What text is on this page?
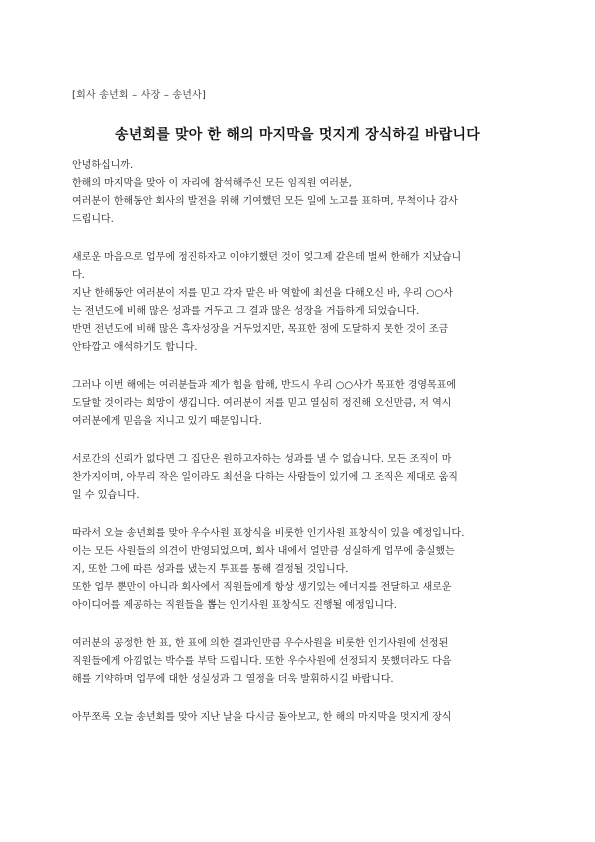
[회사 송년회 – 사장 – 송년사]
송년회를 맞아 한 해의 마지막을 멋지게 장식하길 바랍니다

안녕하십니까.

한해의 마지막을 맞아 이 자리에 참석해주신 모든 임직원 여러분,

여러분이 한해동안 회사의 발전을 위해 기여했던 모든 일에 노고를 표하며, 무척이나 감사

드립니다.

새로운 마음으로 업무에 정진하자고 이야기했던 것이 엊그제 같은데 벌써 한해가 지났습니

다.

지난 한해동안 여러분이 저를 믿고 각자 맡은 바 역할에 최선을 다해오신 바, 우리 ○○사

는 전년도에 비해 많은 성과를 거두고 그 결과 많은 성장을 거듭하게 되었습니다.

반면 전년도에 비해 많은 흑자성장을 거두었지만, 목표한 점에 도달하지 못한 것이 조금

안타깝고 애석하기도 합니다.

그러나 이번 해에는 여러분들과 제가 힘을 합해, 반드시 우리 ○○사가 목표한 경영목표에

도달할 것이라는 희망이 생깁니다. 여러분이 저를 믿고 열심히 정진해 오신만큼, 저 역시

여러분에게 믿음을 지니고 있기 때문입니다.

서로간의 신뢰가 없다면 그 집단은 원하고자하는 성과를 낼 수 없습니다. 모든 조직이 마

찬가지이며, 아무리 작은 일이라도 최선을 다하는 사람들이 있기에 그 조직은 제대로 움직

일 수 있습니다.

따라서 오늘 송년회를 맞아 우수사원 표창식을 비롯한 인기사원 표창식이 있을 예정입니다.

이는 모든 사원들의 의견이 반영되었으며, 회사 내에서 얼만큼 성실하게 업무에 충실했는

지, 또한 그에 따른 성과를 냈는지 투표를 통해 결정될 것입니다.

또한 업무 뿐만이 아니라 회사에서 직원들에게 항상 생기있는 에너지를 전달하고 새로운

아이디어를 제공하는 직원들을 뽑는 인기사원 표창식도 진행될 예정입니다.

여러분의 공정한 한 표, 한 표에 의한 결과인만큼 우수사원을 비롯한 인기사원에 선정된

직원들에게 아낌없는 박수를 부탁 드립니다. 또한 우수사원에 선정되지 못했더라도 다음

해를 기약하며 업무에 대한 성실성과 그 열정을 더욱 발휘하시길 바랍니다.

아무쪼록 오늘 송년회를 맞아 지난 날을 다시금 돌아보고, 한 해의 마지막을 멋지게 장식
